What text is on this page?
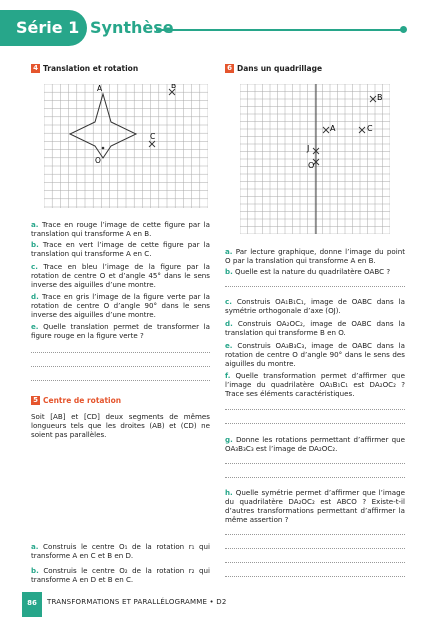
Série 1 Synthèse
4 Translation et rotation
A	B
C
O
a. Trace en rouge l’image de cette figure par la translation qui transforme A en B.
b. Trace en vert l’image de cette figure par la translation qui transforme A en C.
c. Trace en bleu l’image de la figure par la rotation de centre O et d’angle 45° dans le sens inverse des aiguilles d’une montre.
d. Trace en gris l’image de la figure verte par la rotation de centre O d’angle 90° dans le sens inverse des aiguilles d’une montre.
e. Quelle translation permet de transformer la figure rouge en la figure verte ?
5 Centre de rotation
Soit [AB] et [CD] deux segments de mêmes longueurs tels que les droites (AB) et (CD) ne soient pas parallèles.
a. Construis le centre O₁ de la rotation r₁ qui transforme A en C et B en D.
b. Construis le centre O₂ de la rotation r₂ qui transforme A en D et B en C.
6 Dans un quadrillage
B
A	C
J
O
a. Par lecture graphique, donne l’image du point O par la translation qui transforme A en B.
b. Quelle est la nature du quadrilatère OABC ?
c. Construis OA₁B₁C₁, image de OABC dans la symétrie orthogonale d’axe (OJ).
d. Construis OA₂OC₂, image de OABC dans la translation qui transforme B en O.
e. Construis OA₃B₃C₃, image de OABC dans la rotation de centre O d’angle 90° dans le sens des aiguilles du montre.
f. Quelle transformation permet d’affirmer que l’image du quadrilatère OA₁B₁C₁ est DA₂OC₂ ? Trace ses éléments caractéristiques.
g. Donne les rotations permettant d’affirmer que OA₃B₃C₃ est l’image de DA₂OC₂.
h. Quelle symétrie permet d’affirmer que l’image du quadrilatère DA₂OC₂ est ABCO ? Existe-t-il d’autres transformations permettant d’affirmer la même assertion ?
86	TRANSFORMATIONS ET PARALLÉLOGRAMME • D2
